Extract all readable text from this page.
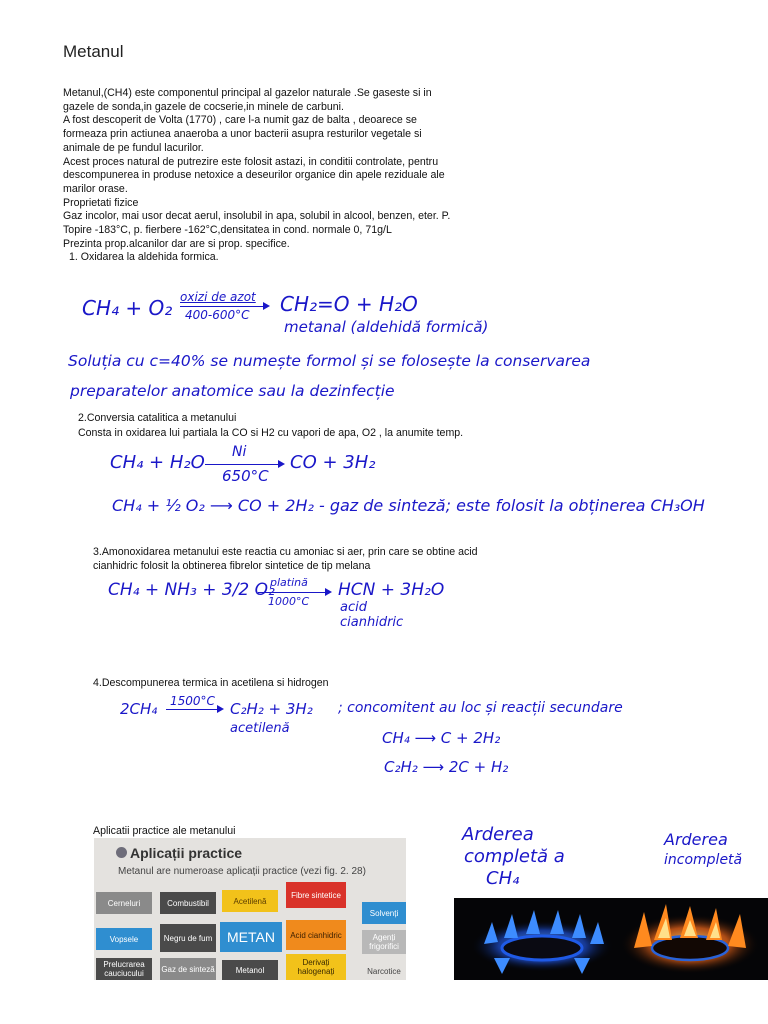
Metanul

Metanul,(CH4) este componentul principal al gazelor naturale .Se gaseste si in gazele de sonda,in gazele de cocserie,in minele de carbuni.

A fost descoperit de Volta (1770) , care l-a numit gaz de balta , deoarece se formeaza prin actiunea anaeroba a unor bacterii asupra resturilor vegetale si animale de pe fundul lacurilor.

Acest proces natural de putrezire este folosit astazi, in conditii controlate, pentru descompunerea in produse netoxice a deseurilor organice din apele reziduale ale marilor orase.

Proprietati fizice

Gaz incolor, mai usor decat aerul, insolubil in apa, solubil in alcool, benzen, eter. P. Topire -183°C, p. fierbere -162°C,densitatea in cond. normale 0, 71g/L

Prezinta prop.alcanilor dar are si prop. specifice.

1. Oxidarea la aldehida formica.

CH₄ + O₂ oxizi de azot
400-600°C CH₂=O + H₂O
metanal (aldehidă formică)
Soluția cu c=40% se numește formol și se folosește la conservarea
preparatelor anatomice sau la dezinfecție
2.Conversia catalitica a metanului
Consta in oxidarea lui partiala la CO si H2 cu vapori de apa, O2 , la anumite temp.
CH₄ + H₂O Ni
650°C
CO + 3H₂
CH₄ + ½ O₂ ⟶ CO + 2H₂ - gaz de sinteză; este folosit la obținerea CH₃OH
3.Amonoxidarea metanului este reactia cu amoniac si aer, prin care se obtine acid
cianhidric folosit la obtinerea fibrelor sintetice de tip melana
CH₄ + NH₃ + 3/2 O₂
platină
1000°C
HCN + 3H₂O
acid cianhidric
4.Descompunerea termica in acetilena si hidrogen
2CH₄ 1500°C C₂H₂ + 3H₂
acetilenă
; concomitent au loc și reacții secundare
CH₄ ⟶ C + 2H₂
C₂H₂ ⟶ 2C + H₂
Aplicatii practice ale metanului
Aplicații practice
Metanul are numeroase aplicații practice (vezi fig. 2. 28)
Cerneluri	Combustibil	Acetilenă
Fibre sintetice
Solvenți
Vopsele	Negru de fum	METAN	Acid cianhidric	Agenți frigorifici
Prelucrarea cauciucului	Gaz de sinteză	Metanol
Derivați halogenați	Narcotice
Arderea
completă a
CH₄
Arderea
incompletă
